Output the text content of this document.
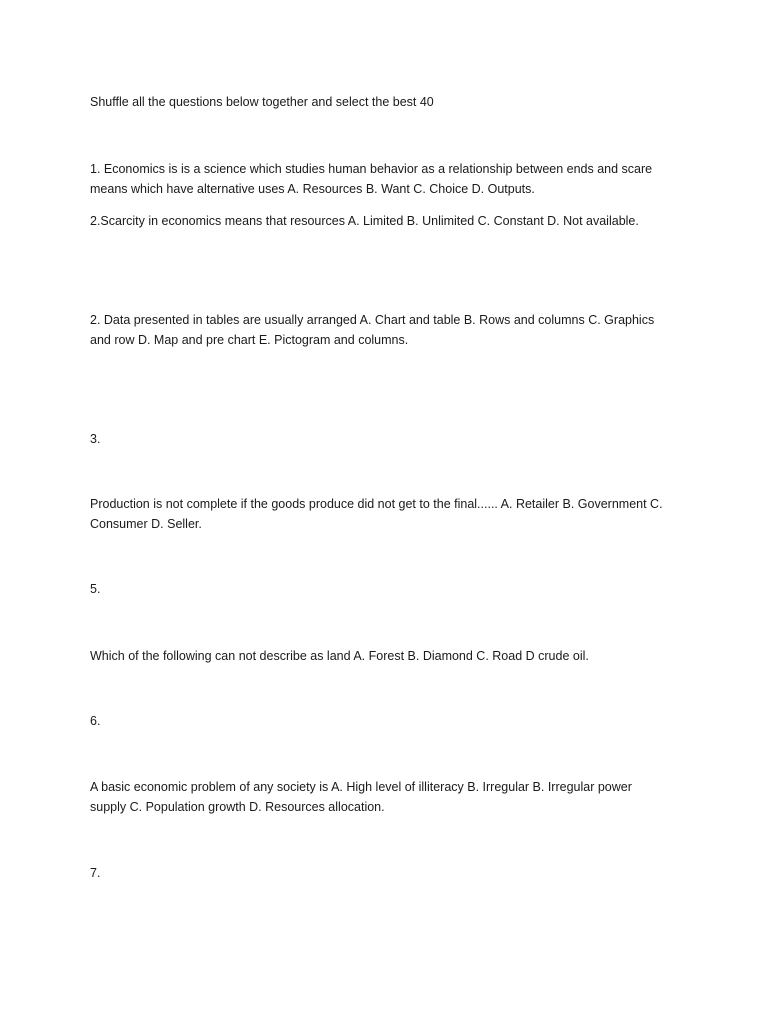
Shuffle all the questions below together and select the best 40

1. Economics is is a science which studies human behavior as a relationship between ends and scare means which have alternative uses A. Resources B. Want C. Choice D. Outputs.

2.Scarcity in economics means that resources A. Limited B. Unlimited C. Constant D. Not available.

2. Data presented in tables are usually arranged A. Chart and table B. Rows and columns C. Graphics and row D. Map and pre chart E. Pictogram and columns.

3.

Production is not complete if the goods produce did not get to the final...... A. Retailer B. Government C. Consumer D. Seller.

5.

Which of the following can not describe as land A. Forest B. Diamond C. Road D crude oil.

6.

A basic economic problem of any society is A. High level of illiteracy B. Irregular B. Irregular power supply C. Population growth D. Resources allocation.

7.
